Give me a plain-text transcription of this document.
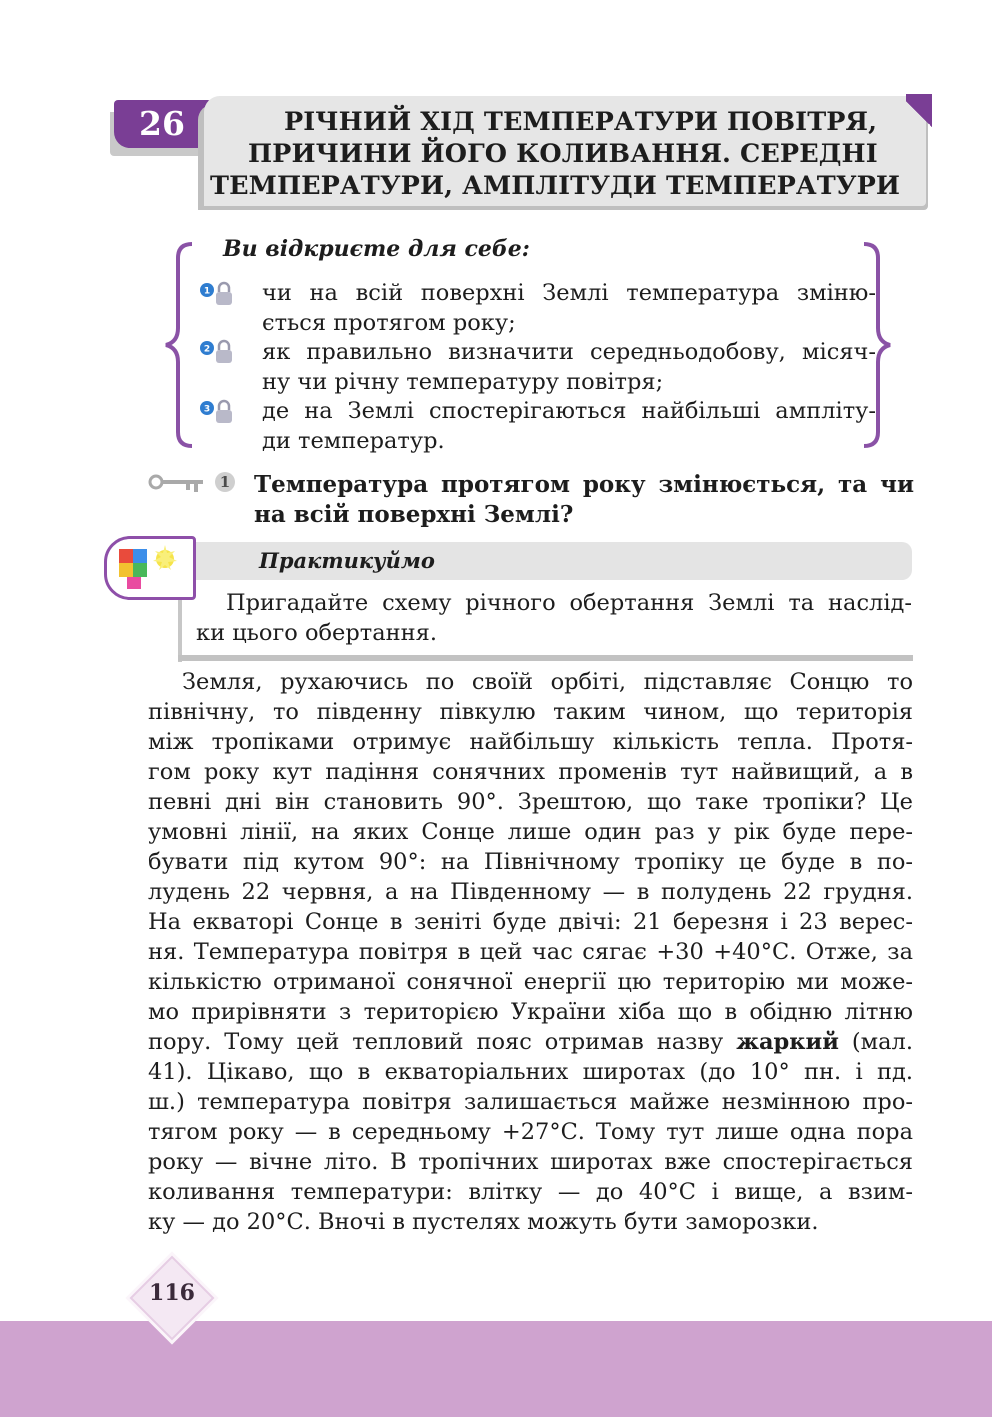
26	РІЧНИЙ ХІД ТЕМПЕРАТУРИ ПОВІТРЯ,
ПРИЧИНИ ЙОГО КОЛИВАННЯ. СЕРЕДНІ
ТЕМПЕРАТУРИ, АМПЛІТУДИ ТЕМПЕРАТУРИ
Ви відкриєте для себе:
1
2
3
чи на всій поверхні Землі температура зміню-
ється протягом року;
як правильно визначити середньодобову, місяч-
ну чи річну температуру повітря;
де на Землі спостерігаються найбільші ампліту-
ди температур.
1 Температура протягом року змінюється, та чи
на всій поверхні Землі?
Практикуймо
Пригадайте схему річного обертання Землі та наслід-
ки цього обертання.
Земля, рухаючись по своїй орбіті, підставляє Сонцю то
північну, то південну півкулю таким чином, що територія
між тропіками отримує найбільшу кількість тепла. Протя-
гом року кут падіння сонячних променів тут найвищий, а в
певні дні він становить 90°. Зрештою, що таке тропіки? Це
умовні лінії, на яких Сонце лише один раз у рік буде пере-
бувати під кутом 90°: на Північному тропіку це буде в по-
лудень 22 червня, а на Південному — в полудень 22 грудня.
На екваторі Сонце в зеніті буде двічі: 21 березня і 23 верес-
ня. Температура повітря в цей час сягає +30 +40°С. Отже, за
кількістю отриманої сонячної енергії цю територію ми може-
мо прирівняти з територією України хіба що в обідню літню
пору. Тому цей тепловий пояс отримав назву жаркий (мал.
41). Цікаво, що в екваторіальних широтах (до 10° пн. і пд.
ш.) температура повітря залишається майже незмінною про-
тягом року — в середньому +27°С. Тому тут лише одна пора
року — вічне літо. В тропічних широтах вже спостерігається
коливання температури: влітку — до 40°С і вище, а взим-
ку — до 20°С. Вночі в пустелях можуть бути заморозки.
116
